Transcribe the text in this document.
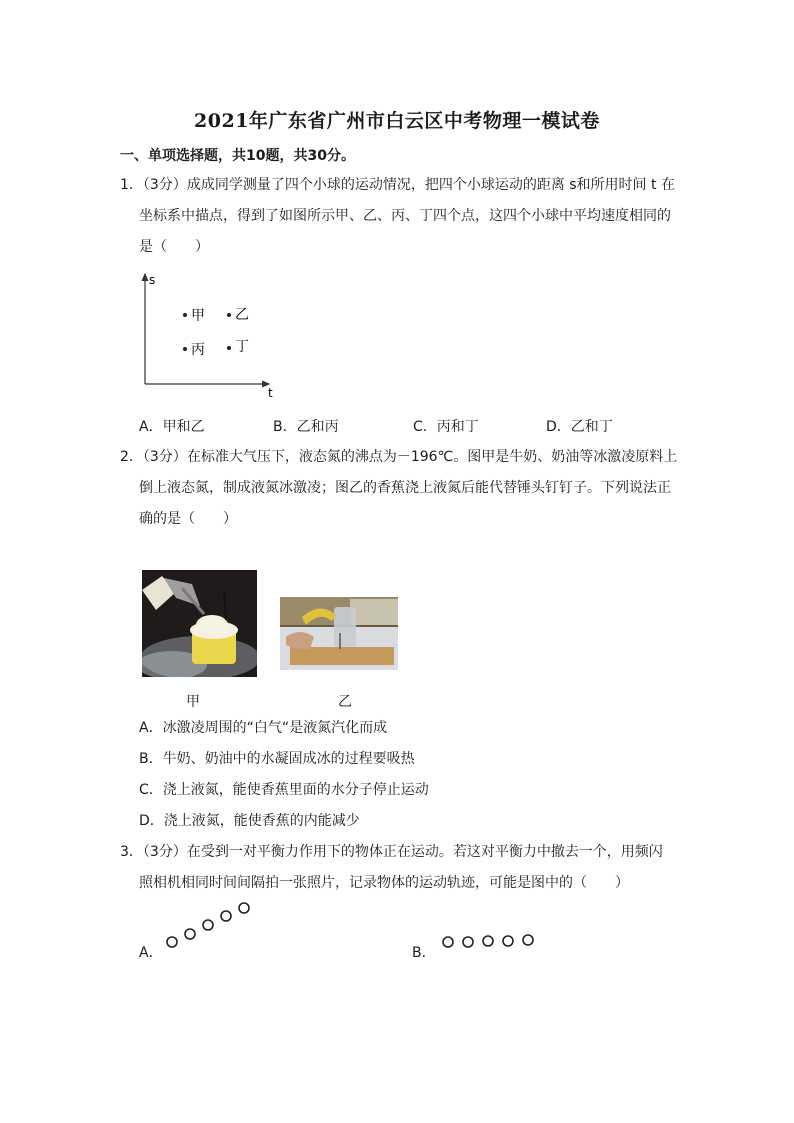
2021年广东省广州市白云区中考物理一模试卷
一、单项选择题，共10题，共30分。
1．（3分）成成同学测量了四个小球的运动情况，把四个小球运动的距离 s和所用时间 t 在
坐标系中描点，得到了如图所示甲、乙、丙、丁四个点，这四个小球中平均速度相同的
是（　　）
s
t
甲 乙
丙 丁
A．甲和乙	B．乙和丙	C．丙和丁	D．乙和丁
2．（3分）在标准大气压下，液态氮的沸点为－196℃。图甲是牛奶、奶油等冰激凌原料上
倒上液态氮，制成液氮冰激凌；图乙的香蕉浇上液氮后能代替锤头钉钉子。下列说法正
确的是（　　）
甲	乙
A．冰激凌周围的“白气“是液氮汽化而成
B．牛奶、奶油中的水凝固成冰的过程要吸热
C．浇上液氮，能使香蕉里面的水分子停止运动
D．浇上液氮，能使香蕉的内能减少
3．（3分）在受到一对平衡力作用下的物体正在运动。若这对平衡力中撤去一个，用频闪
照相机相同时间间隔拍一张照片，记录物体的运动轨迹，可能是图中的（　　）
A．	B．
